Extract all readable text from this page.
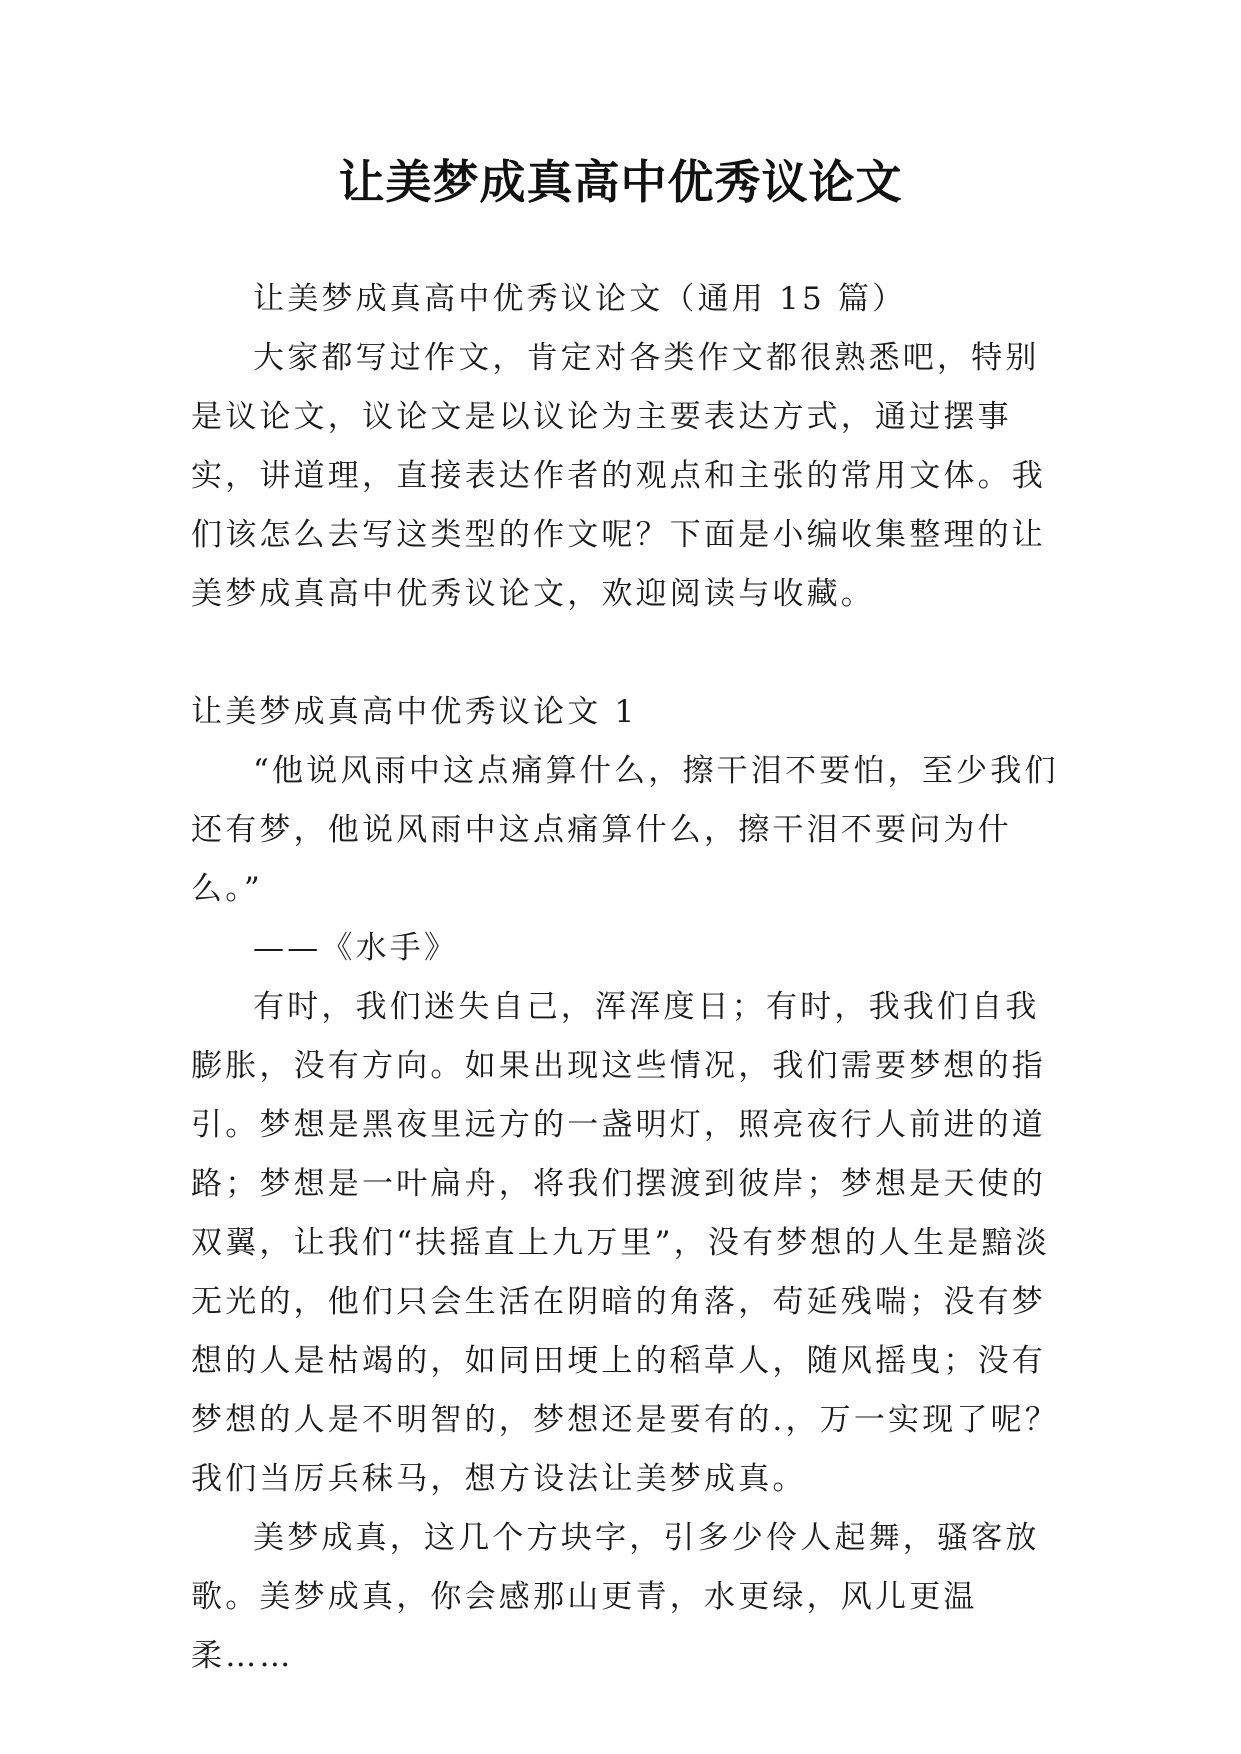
让美梦成真高中优秀议论文

让美梦成真高中优秀议论文（通用 15 篇）

大家都写过作文，肯定对各类作文都很熟悉吧，特别是议论文，议论文是以议论为主要表达方式，通过摆事实，讲道理，直接表达作者的观点和主张的常用文体。我们该怎么去写这类型的作文呢？下面是小编收集整理的让美梦成真高中优秀议论文，欢迎阅读与收藏。

让美梦成真高中优秀议论文 1

“他说风雨中这点痛算什么，擦干泪不要怕，至少我们还有梦，他说风雨中这点痛算什么，擦干泪不要问为什么。”

——《水手》

有时，我们迷失自己，浑浑度日；有时，我我们自我膨胀，没有方向。如果出现这些情况，我们需要梦想的指引。梦想是黑夜里远方的一盏明灯，照亮夜行人前进的道路；梦想是一叶扁舟，将我们摆渡到彼岸；梦想是天使的双翼，让我们“扶摇直上九万里”，没有梦想的人生是黯淡无光的，他们只会生活在阴暗的角落，苟延残喘；没有梦想的人是枯竭的，如同田埂上的稻草人，随风摇曳；没有梦想的人是不明智的，梦想还是要有的.，万一实现了呢？我们当厉兵秣马，想方设法让美梦成真。

美梦成真，这几个方块字，引多少伶人起舞，骚客放歌。美梦成真，你会感那山更青，水更绿，风儿更温柔……
